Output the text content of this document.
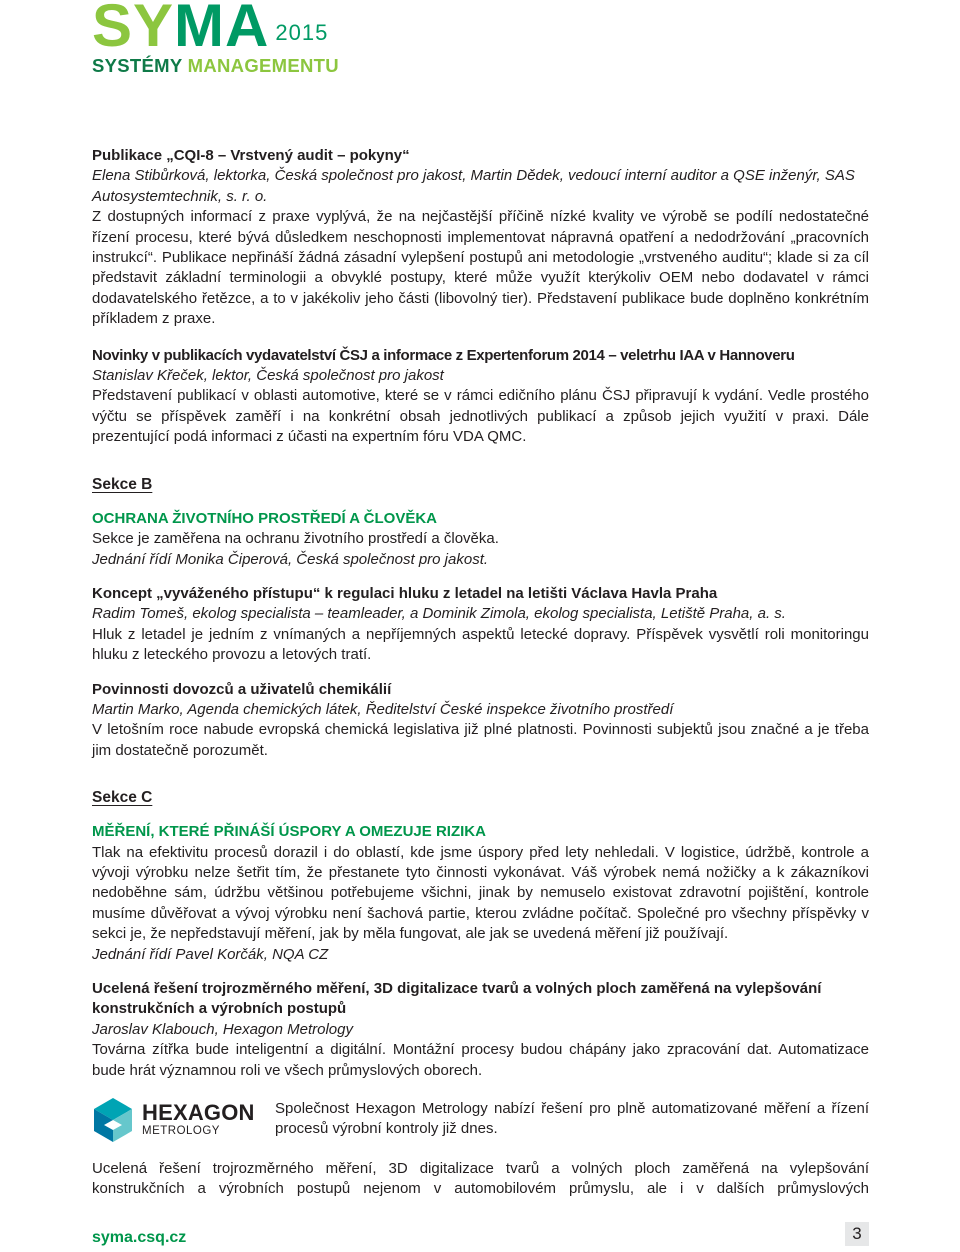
SYMA 2015
SYSTÉMY MANAGEMENTU

Publikace „CQI-8 – Vrstvený audit – pokyny“

Elena Stibůrková, lektorka, Česká společnost pro jakost, Martin Dědek, vedoucí interní auditor a QSE inženýr, SAS Autosystemtechnik, s. r. o.

Z dostupných informací z praxe vyplývá, že na nejčastější příčině nízké kvality ve výrobě se podílí nedostatečné řízení procesu, které bývá důsledkem neschopnosti implementovat nápravná opatření a nedodržování „pracovních instrukcí“. Publikace nepřináší žádná zásadní vylepšení postupů ani metodologie „vrstveného auditu“; klade si za cíl představit základní terminologii a obvyklé postupy, které může využít kterýkoliv OEM nebo dodavatel v rámci dodavatelského řetězce, a to v jakékoliv jeho části (libovolný tier). Představení publikace bude doplněno konkrétním příkladem z praxe.

Novinky v publikacích vydavatelství ČSJ a informace z Expertenforum 2014 – veletrhu IAA v Hannoveru

Stanislav Křeček, lektor, Česká společnost pro jakost

Představení publikací v oblasti automotive, které se v rámci edičního plánu ČSJ připravují k vydání. Vedle prostého výčtu se příspěvek zaměří i na konkrétní obsah jednotlivých publikací a způsob jejich využití v praxi. Dále prezentující podá informaci z účasti na expertním fóru VDA QMC.

Sekce B

OCHRANA ŽIVOTNÍHO PROSTŘEDÍ A ČLOVĚKA

Sekce je zaměřena na ochranu životního prostředí a člověka.

Jednání řídí Monika Čiperová, Česká společnost pro jakost.

Koncept „vyváženého přístupu“ k regulaci hluku z letadel na letišti Václava Havla Praha

Radim Tomeš, ekolog specialista – teamleader, a Dominik Zimola, ekolog specialista, Letiště Praha, a. s.

Hluk z letadel je jedním z vnímaných a nepříjemných aspektů letecké dopravy. Příspěvek vysvětlí roli monitoringu hluku z leteckého provozu a letových tratí.

Povinnosti dovozců a uživatelů chemikálií

Martin Marko, Agenda chemických látek, Ředitelství České inspekce životního prostředí

V letošním roce nabude evropská chemická legislativa již plné platnosti. Povinnosti subjektů jsou značné a je třeba jim dostatečně porozumět.

Sekce C

MĚŘENÍ, KTERÉ PŘINÁŠÍ ÚSPORY A OMEZUJE RIZIKA

Tlak na efektivitu procesů dorazil i do oblastí, kde jsme úspory před lety nehledali. V logistice, údržbě, kontrole a vývoji výrobku nelze šetřit tím, že přestanete tyto činnosti vykonávat. Váš výrobek nemá nožičky a k zákazníkovi nedoběhne sám, údržbu většinou potřebujeme všichni, jinak by nemuselo existovat zdravotní pojištění, kontrole musíme důvěřovat a vývoj výrobku není šachová partie, kterou zvládne počítač. Společné pro všechny příspěvky v sekci je, že nepředstavují měření, jak by měla fungovat, ale jak se uvedená měření již používají.

Jednání řídí Pavel Korčák, NQA CZ

Ucelená řešení trojrozměrného měření, 3D digitalizace tvarů a volných ploch zaměřená na vylepšování konstrukčních a výrobních postupů

Jaroslav Klabouch, Hexagon Metrology

Továrna zítřka bude inteligentní a digitální. Montážní procesy budou chápány jako zpracování dat. Automatizace bude hrát významnou roli ve všech průmyslových oborech.

HEXAGON
METROLOGY

Společnost Hexagon Metrology nabízí řešení pro plně automatizované měření a řízení procesů výrobní kontroly již dnes.

Ucelená řešení trojrozměrného měření, 3D digitalizace tvarů a volných ploch zaměřená na vylepšování konstrukčních a výrobních postupů nejenom v automobilovém průmyslu, ale i v dalších průmyslových

syma.csq.cz	3
